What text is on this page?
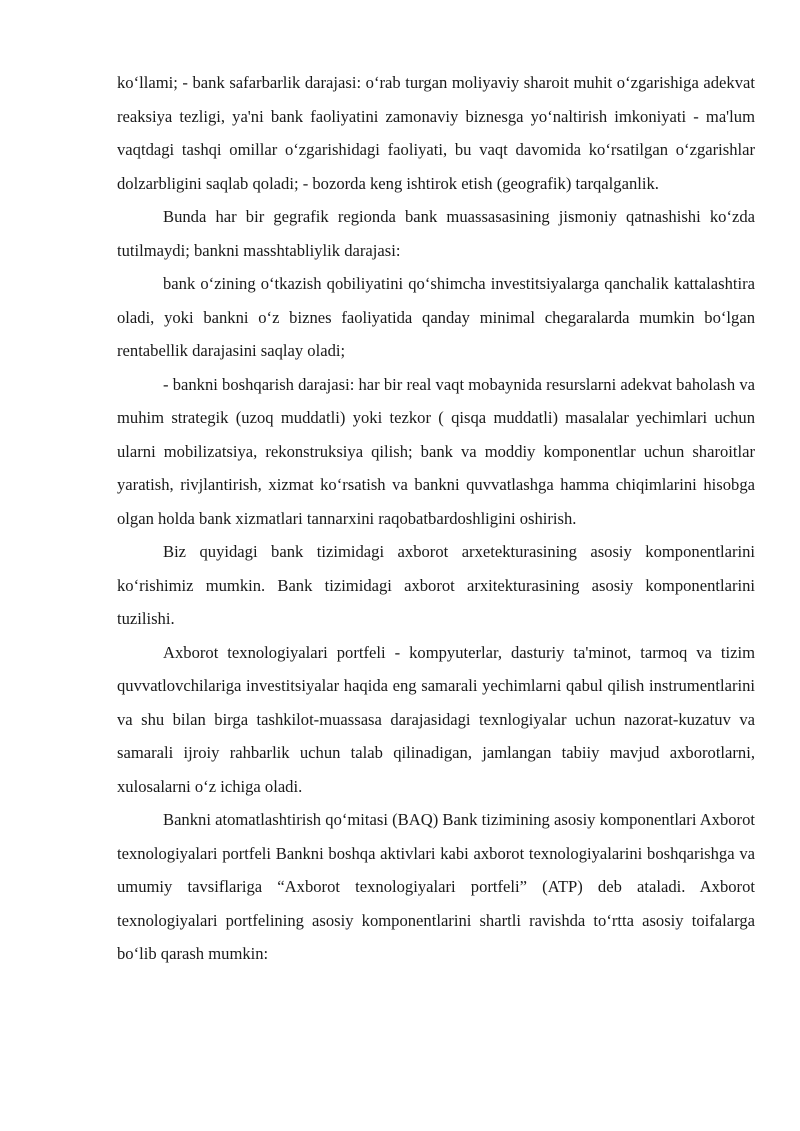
ko‘llami; - bank safarbarlik darajasi: o‘rab turgan moliyaviy sharoit muhit o‘zgarishiga adekvat reaksiya tezligi, ya'ni bank faoliyatini zamonaviy biznesga yo‘naltirish imkoniyati - ma'lum vaqtdagi tashqi omillar o‘zgarishidagi faoliyati, bu vaqt davomida ko‘rsatilgan o‘zgarishlar dolzarbligini saqlab qoladi; - bozorda keng ishtirok etish (geografik) tarqalganlik.

Bunda har bir gegrafik regionda bank muassasasining jismoniy qatnashishi ko‘zda tutilmaydi; bankni masshtabliylik darajasi:

bank o‘zining o‘tkazish qobiliyatini qo‘shimcha investitsiyalarga qanchalik kattalashtira oladi, yoki bankni o‘z biznes faoliyatida qanday minimal chegaralarda mumkin bo‘lgan rentabellik darajasini saqlay oladi;

- bankni boshqarish darajasi: har bir real vaqt mobaynida resurslarni adekvat baholash va muhim strategik (uzoq muddatli) yoki tezkor ( qisqa muddatli) masalalar yechimlari uchun ularni mobilizatsiya, rekonstruksiya qilish; bank va moddiy komponentlar uchun sharoitlar yaratish, rivjlantirish, xizmat ko‘rsatish va bankni quvvatlashga hamma chiqimlarini hisobga olgan holda bank xizmatlari tannarxini raqobatbardoshligini oshirish.

Biz quyidagi bank tizimidagi axborot arxetekturasining asosiy komponentlarini ko‘rishimiz mumkin. Bank tizimidagi axborot arxitekturasining asosiy komponentlarini tuzilishi.

Axborot texnologiyalari portfeli - kompyuterlar, dasturiy ta'minot, tarmoq va tizim quvvatlovchilariga investitsiyalar haqida eng samarali yechimlarni qabul qilish instrumentlarini va shu bilan birga tashkilot-muassasa darajasidagi texnlogiyalar uchun nazorat-kuzatuv va samarali ijroiy rahbarlik uchun talab qilinadigan, jamlangan tabiiy mavjud axborotlarni, xulosalarni o‘z ichiga oladi.

Bankni atomatlashtirish qo‘mitasi (BAQ) Bank tizimining asosiy komponentlari Axborot texnologiyalari portfeli Bankni boshqa aktivlari kabi axborot texnologiyalarini boshqarishga va umumiy tavsiflariga “Axborot texnologiyalari portfeli” (ATP) deb ataladi. Axborot texnologiyalari portfelining asosiy komponentlarini shartli ravishda to‘rtta asosiy toifalarga bo‘lib qarash mumkin:
